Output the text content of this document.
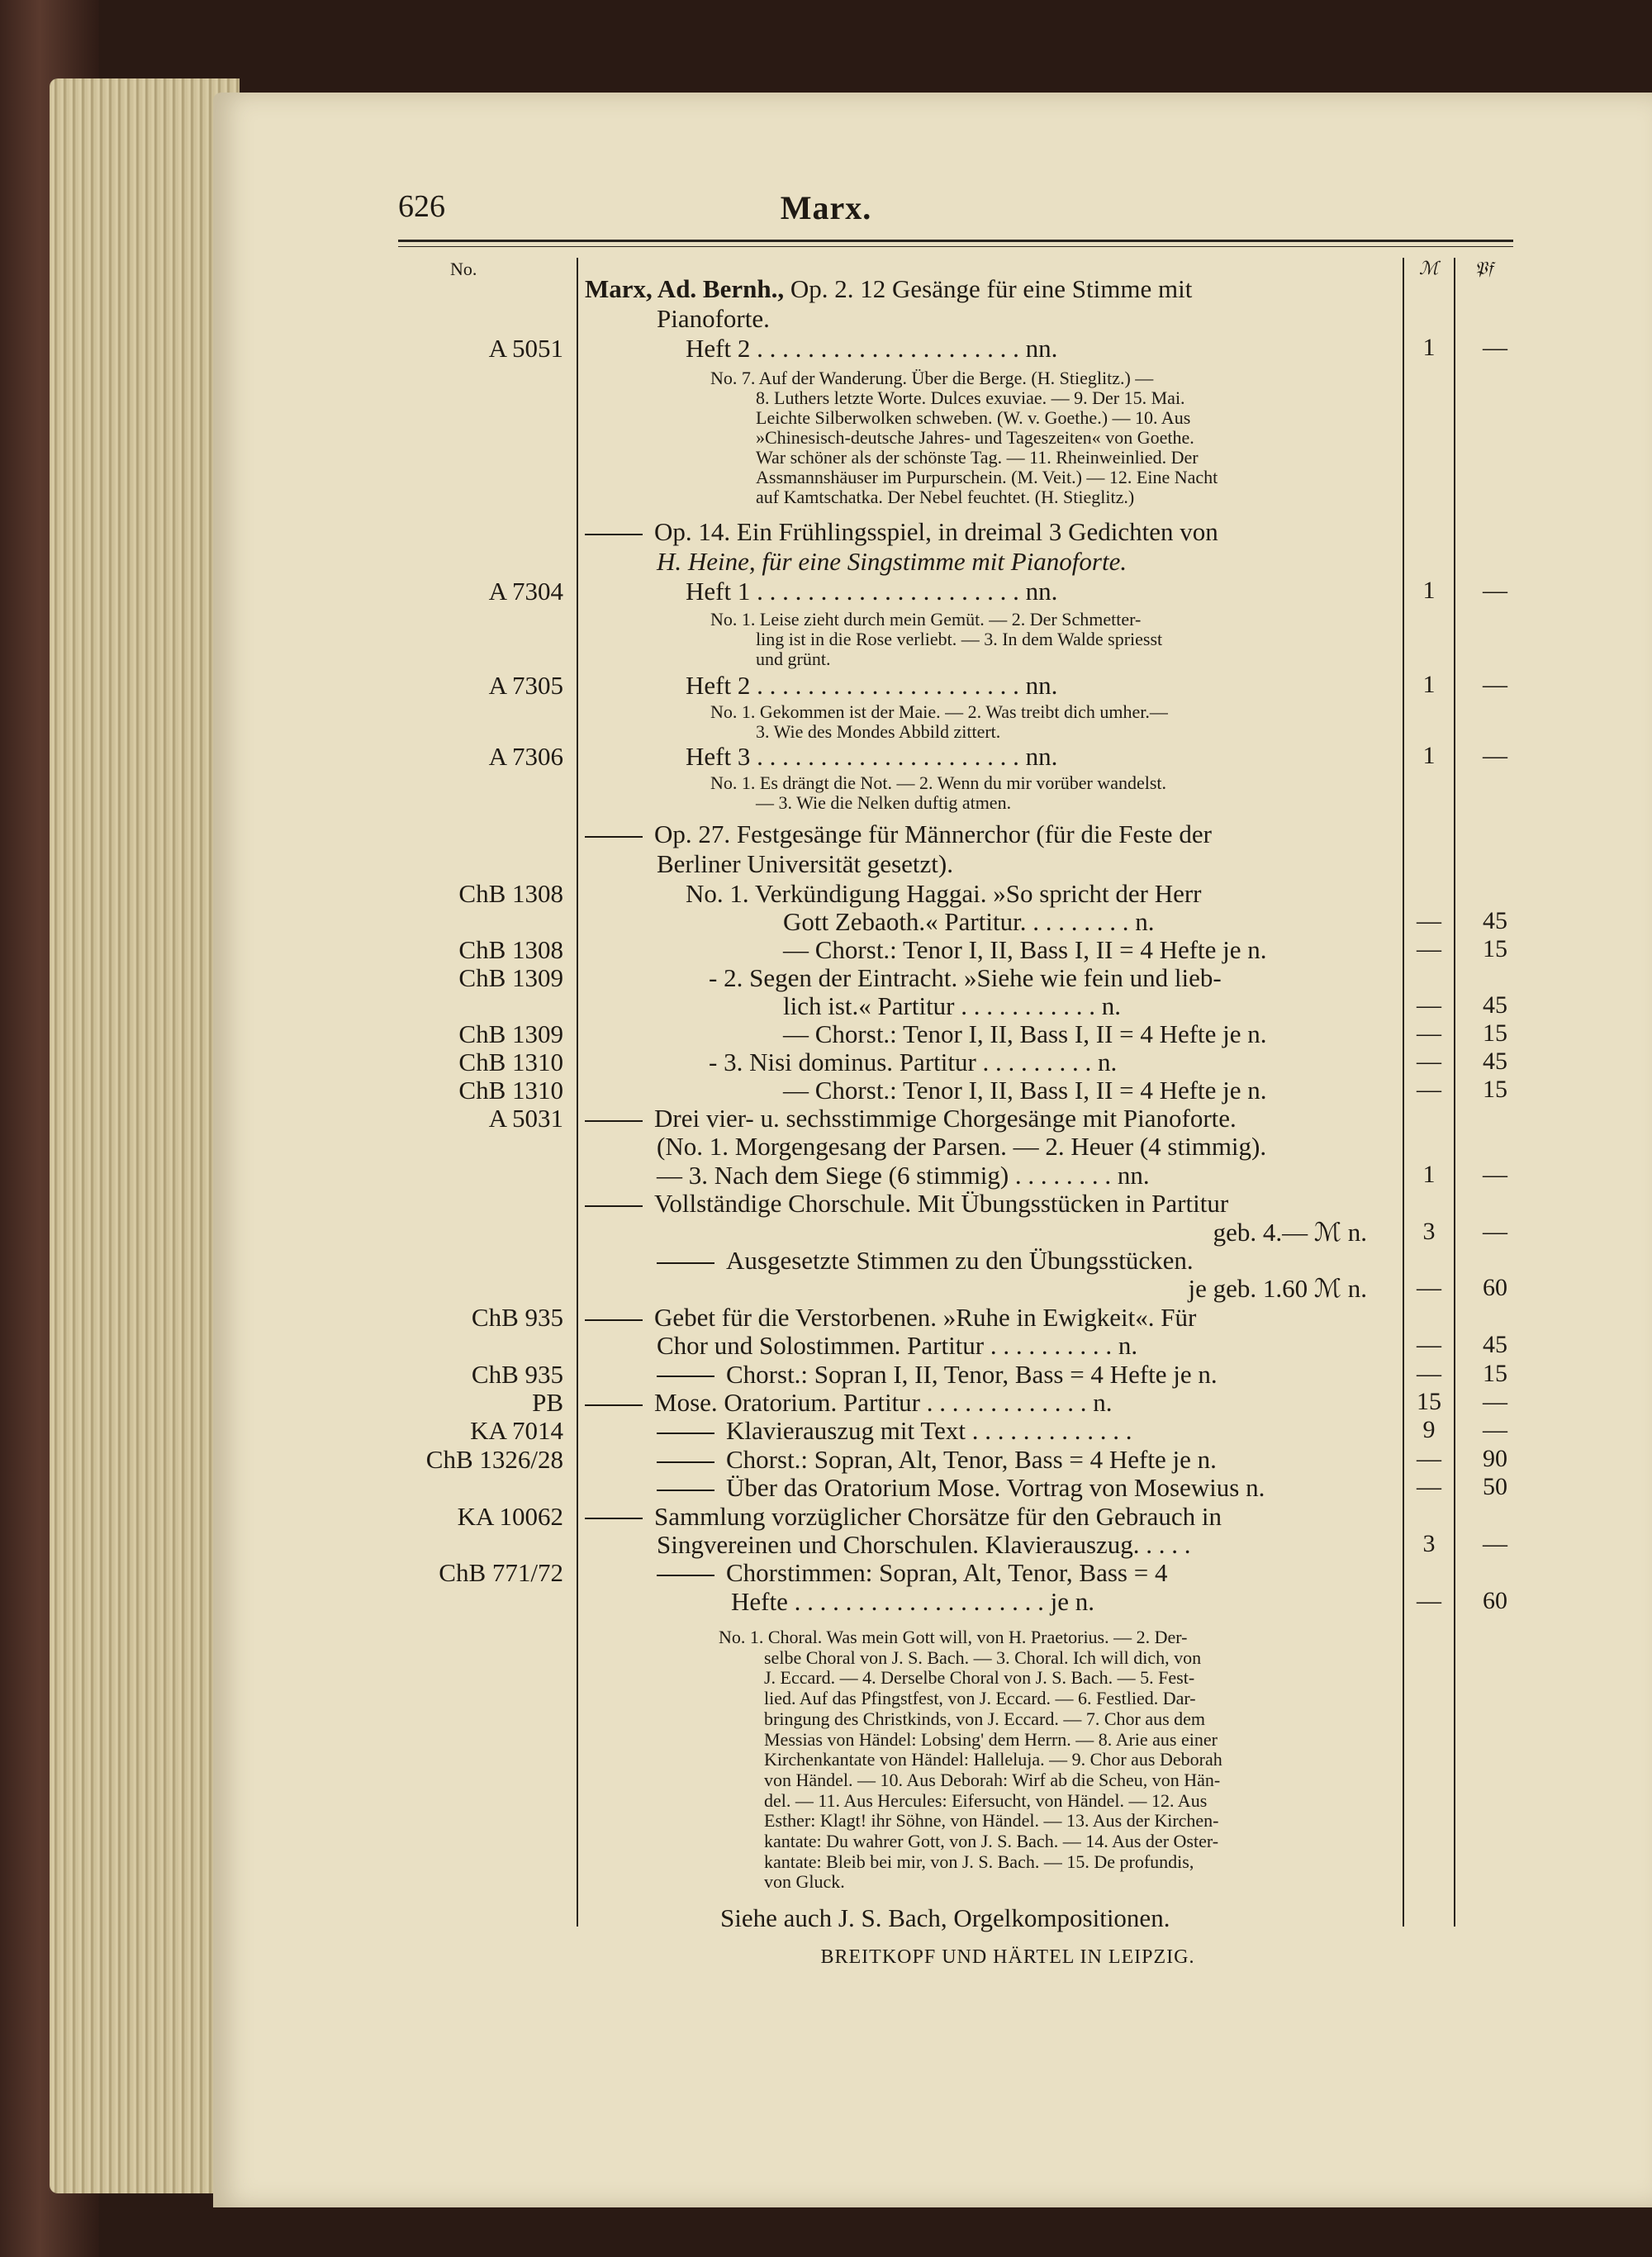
626	Marx.
No.	ℳ 𝔓𝔣
Marx, Ad. Bernh., Op. 2. 12 Gesänge für eine Stimme mit
Pianoforte.
A 5051	Heft 2 . . . . . . . . . . . . . . . . . . . . . nn.	1	—
No. 7. Auf der Wanderung. Über die Berge. (H. Stieglitz.) —
8. Luthers letzte Worte. Dulces exuviae. — 9. Der 15. Mai.
Leichte Silberwolken schweben. (W. v. Goethe.) — 10. Aus
»Chinesisch-deutsche Jahres- und Tageszeiten« von Goethe.
War schöner als der schönste Tag. — 11. Rheinweinlied. Der
Assmannshäuser im Purpurschein. (M. Veit.) — 12. Eine Nacht
auf Kamtschatka. Der Nebel feuchtet. (H. Stieglitz.)
Op. 14. Ein Frühlingsspiel, in dreimal 3 Gedichten von
H. Heine, für eine Singstimme mit Pianoforte.
A 7304	Heft 1 . . . . . . . . . . . . . . . . . . . . . nn.	1	—
No. 1. Leise zieht durch mein Gemüt. — 2. Der Schmetter-
ling ist in die Rose verliebt. — 3. In dem Walde spriesst
und grünt.
A 7305	Heft 2 . . . . . . . . . . . . . . . . . . . . . nn.	1	—
No. 1. Gekommen ist der Maie. — 2. Was treibt dich umher.—
3. Wie des Mondes Abbild zittert.
A 7306	Heft 3 . . . . . . . . . . . . . . . . . . . . . nn.	1	—
No. 1. Es drängt die Not. — 2. Wenn du mir vorüber wandelst.
— 3. Wie die Nelken duftig atmen.
Op. 27. Festgesänge für Männerchor (für die Feste der
Berliner Universität gesetzt).
ChB 1308	No. 1. Verkündigung Haggai. »So spricht der Herr
Gott Zebaoth.« Partitur. . . . . . . . . n.	—	45
ChB 1308	— Chorst.: Tenor I, II, Bass I, II = 4 Hefte je n.	—	15
ChB 1309	- 2. Segen der Eintracht. »Siehe wie fein und lieb-
lich ist.« Partitur . . . . . . . . . . . n.	—	45
ChB 1309	— Chorst.: Tenor I, II, Bass I, II = 4 Hefte je n.	—	15
ChB 1310	- 3. Nisi dominus. Partitur . . . . . . . . . n.	—	45
ChB 1310	— Chorst.: Tenor I, II, Bass I, II = 4 Hefte je n.	—	15
A 5031	Drei vier- u. sechsstimmige Chorgesänge mit Pianoforte.
(No. 1. Morgengesang der Parsen. — 2. Heuer (4 stimmig).
— 3. Nach dem Siege (6 stimmig) . . . . . . . . nn.	1	—
Vollständige Chorschule. Mit Übungsstücken in Partitur
geb. 4.— ℳ n.	3	—
Ausgesetzte Stimmen zu den Übungsstücken.
je geb. 1.60 ℳ n.	—	60
ChB 935	Gebet für die Verstorbenen. »Ruhe in Ewigkeit«. Für
Chor und Solostimmen. Partitur . . . . . . . . . . n.	—	45
ChB 935	Chorst.: Sopran I, II, Tenor, Bass = 4 Hefte je n.	—	15
PB	Mose. Oratorium. Partitur . . . . . . . . . . . . . n.	15	—
KA 7014	Klavierauszug mit Text . . . . . . . . . . . . .	9	—
ChB 1326/28	Chorst.: Sopran, Alt, Tenor, Bass = 4 Hefte je n.	—	90
Über das Oratorium Mose. Vortrag von Mosewius n.	—	50
KA 10062	Sammlung vorzüglicher Chorsätze für den Gebrauch in
Singvereinen und Chorschulen. Klavierauszug. . . . .	3	—
ChB 771/72	Chorstimmen: Sopran, Alt, Tenor, Bass = 4
Hefte . . . . . . . . . . . . . . . . . . . . je n.	—	60
No. 1. Choral. Was mein Gott will, von H. Praetorius. — 2. Der-
selbe Choral von J. S. Bach. — 3. Choral. Ich will dich, von
J. Eccard. — 4. Derselbe Choral von J. S. Bach. — 5. Fest-
lied. Auf das Pfingstfest, von J. Eccard. — 6. Festlied. Dar-
bringung des Christkinds, von J. Eccard. — 7. Chor aus dem
Messias von Händel: Lobsing' dem Herrn. — 8. Arie aus einer
Kirchenkantate von Händel: Halleluja. — 9. Chor aus Deborah
von Händel. — 10. Aus Deborah: Wirf ab die Scheu, von Hän-
del. — 11. Aus Hercules: Eifersucht, von Händel. — 12. Aus
Esther: Klagt! ihr Söhne, von Händel. — 13. Aus der Kirchen-
kantate: Du wahrer Gott, von J. S. Bach. — 14. Aus der Oster-
kantate: Bleib bei mir, von J. S. Bach. — 15. De profundis,
von Gluck.
Siehe auch J. S. Bach, Orgelkompositionen.
BREITKOPF UND HÄRTEL IN LEIPZIG.
